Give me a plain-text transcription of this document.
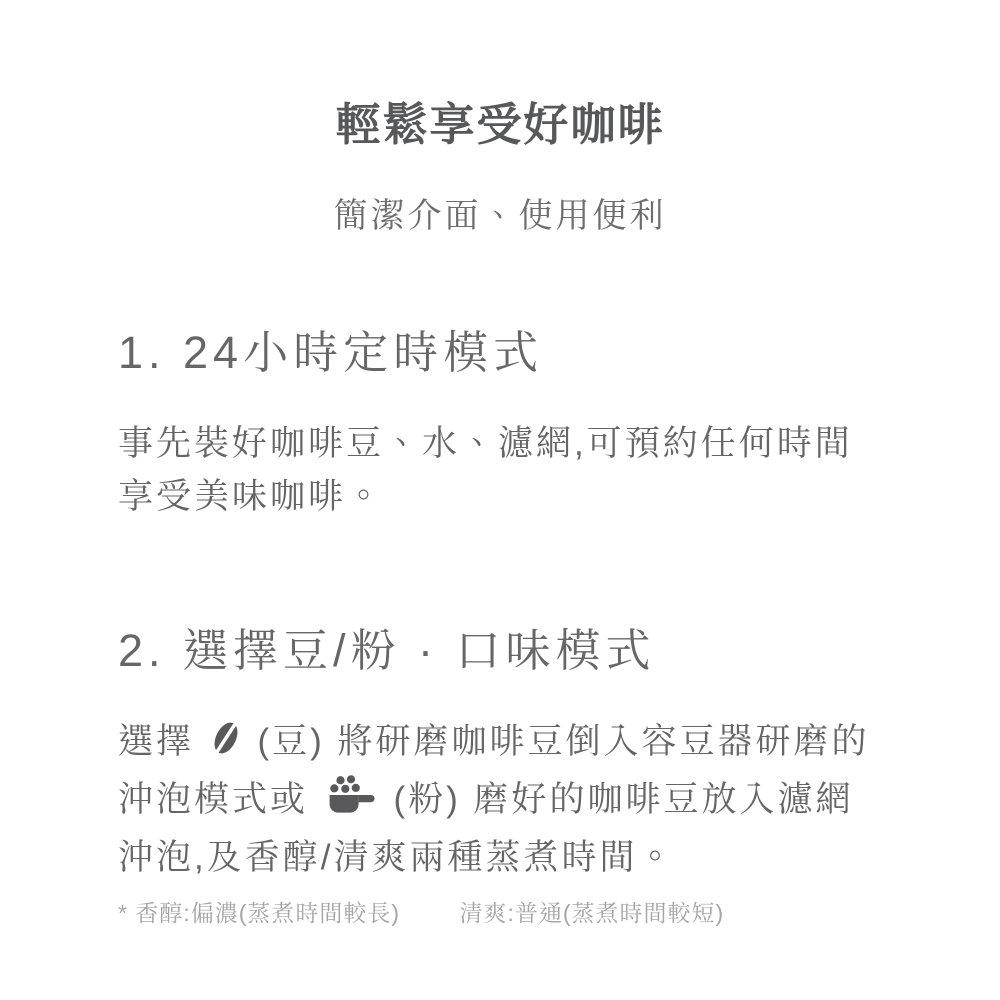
輕鬆享受好咖啡

簡潔介面、使用便利

1. 24小時定時模式

事先裝好咖啡豆、水、濾網,可預約任何時間
享受美味咖啡。

2. 選擇豆/粉 · 口味模式

選擇  (豆) 將研磨咖啡豆倒入容豆器研磨的
沖泡模式或  (粉) 磨好的咖啡豆放入濾網
沖泡,及香醇/清爽兩種蒸煮時間。

* 香醇:偏濃(蒸煮時間較長)	清爽:普通(蒸煮時間較短)
